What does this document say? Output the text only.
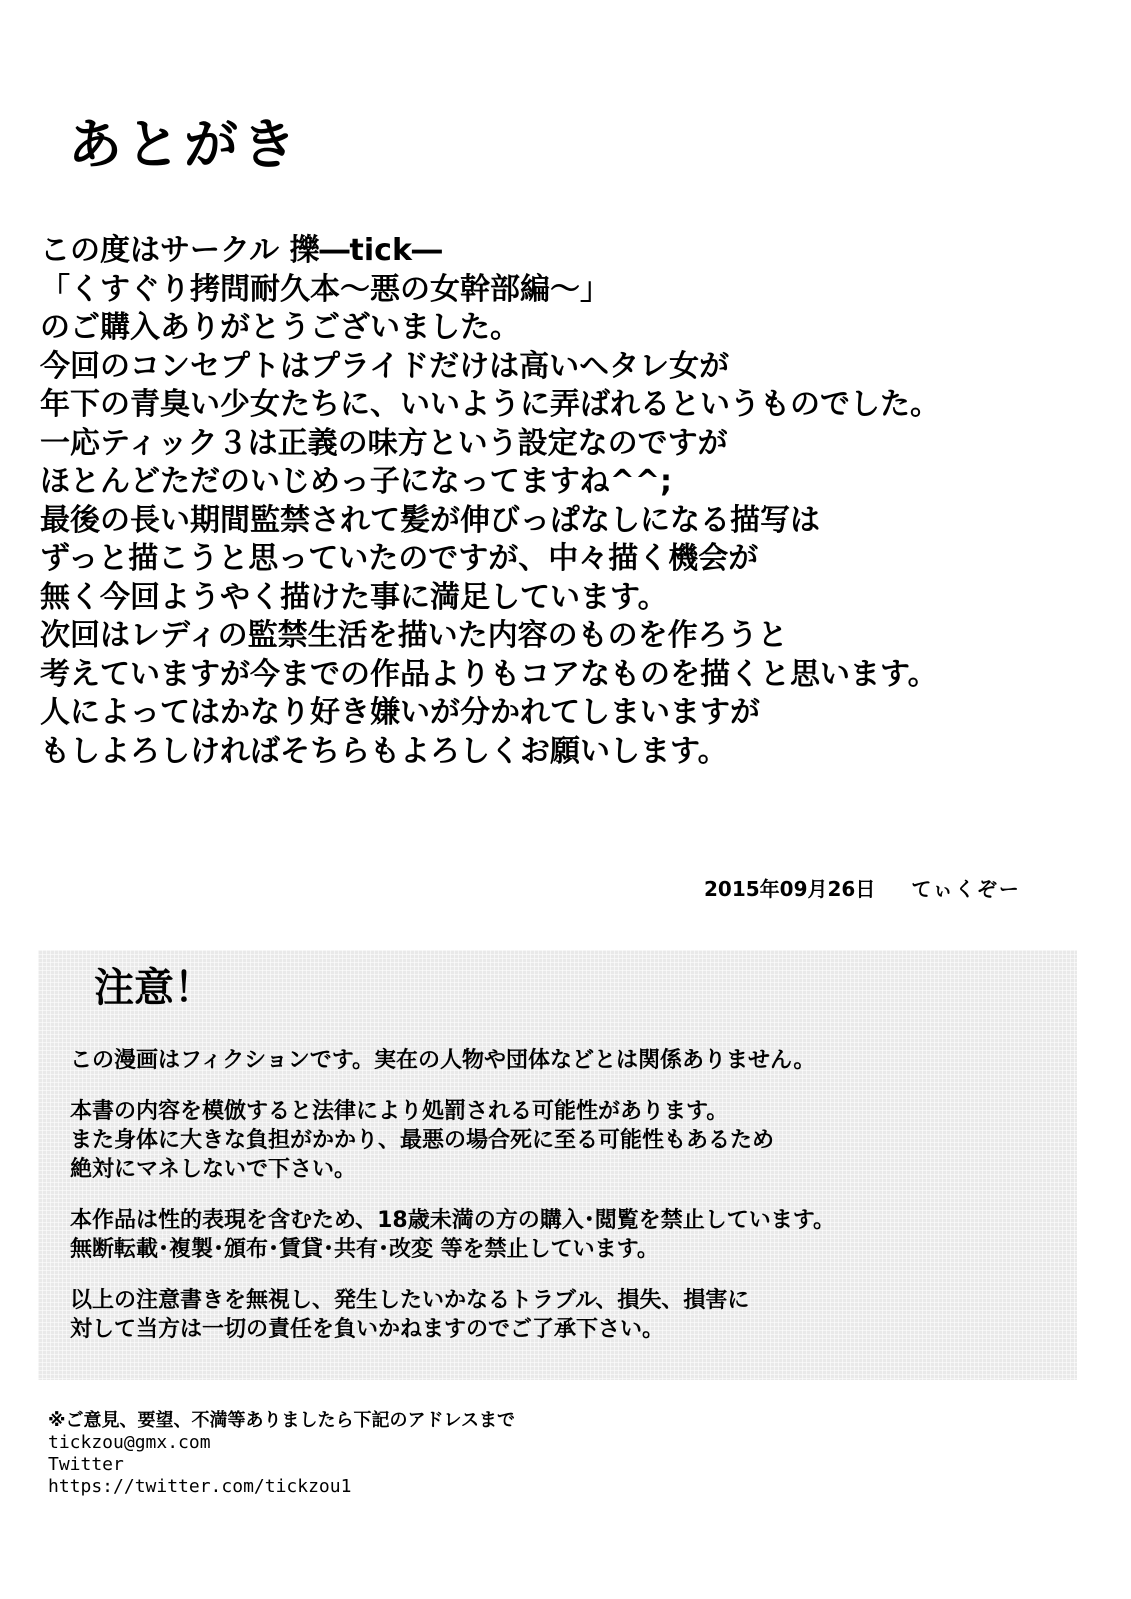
あとがき
この度はサークル 擽―tick―
「くすぐり拷問耐久本～悪の女幹部編～」
のご購入ありがとうございました。
今回のコンセプトはプライドだけは高いヘタレ女が
年下の青臭い少女たちに、いいように弄ばれるというものでした。
一応ティック３は正義の味方という設定なのですが
ほとんどただのいじめっ子になってますね^^;
最後の長い期間監禁されて髪が伸びっぱなしになる描写は
ずっと描こうと思っていたのですが、中々描く機会が
無く今回ようやく描けた事に満足しています。
次回はレディの監禁生活を描いた内容のものを作ろうと
考えていますが今までの作品よりもコアなものを描くと思います。
人によってはかなり好き嫌いが分かれてしまいますが
もしよろしければそちらもよろしくお願いします。
2015年09月26日 てぃくぞー
注意！
この漫画はフィクションです。実在の人物や団体などとは関係ありません。
本書の内容を模倣すると法律により処罰される可能性があります。
また身体に大きな負担がかかり、最悪の場合死に至る可能性もあるため
絶対にマネしないで下さい。
本作品は性的表現を含むため、18歳未満の方の購入･閲覧を禁止しています。
無断転載･複製･頒布･賃貸･共有･改変 等を禁止しています。
以上の注意書きを無視し、発生したいかなるトラブル、損失、損害に
対して当方は一切の責任を負いかねますのでご了承下さい。
※ご意見、要望、不満等ありましたら下記のアドレスまで
tickzou@gmx.com
Twitter
https://twitter.com/tickzou1
